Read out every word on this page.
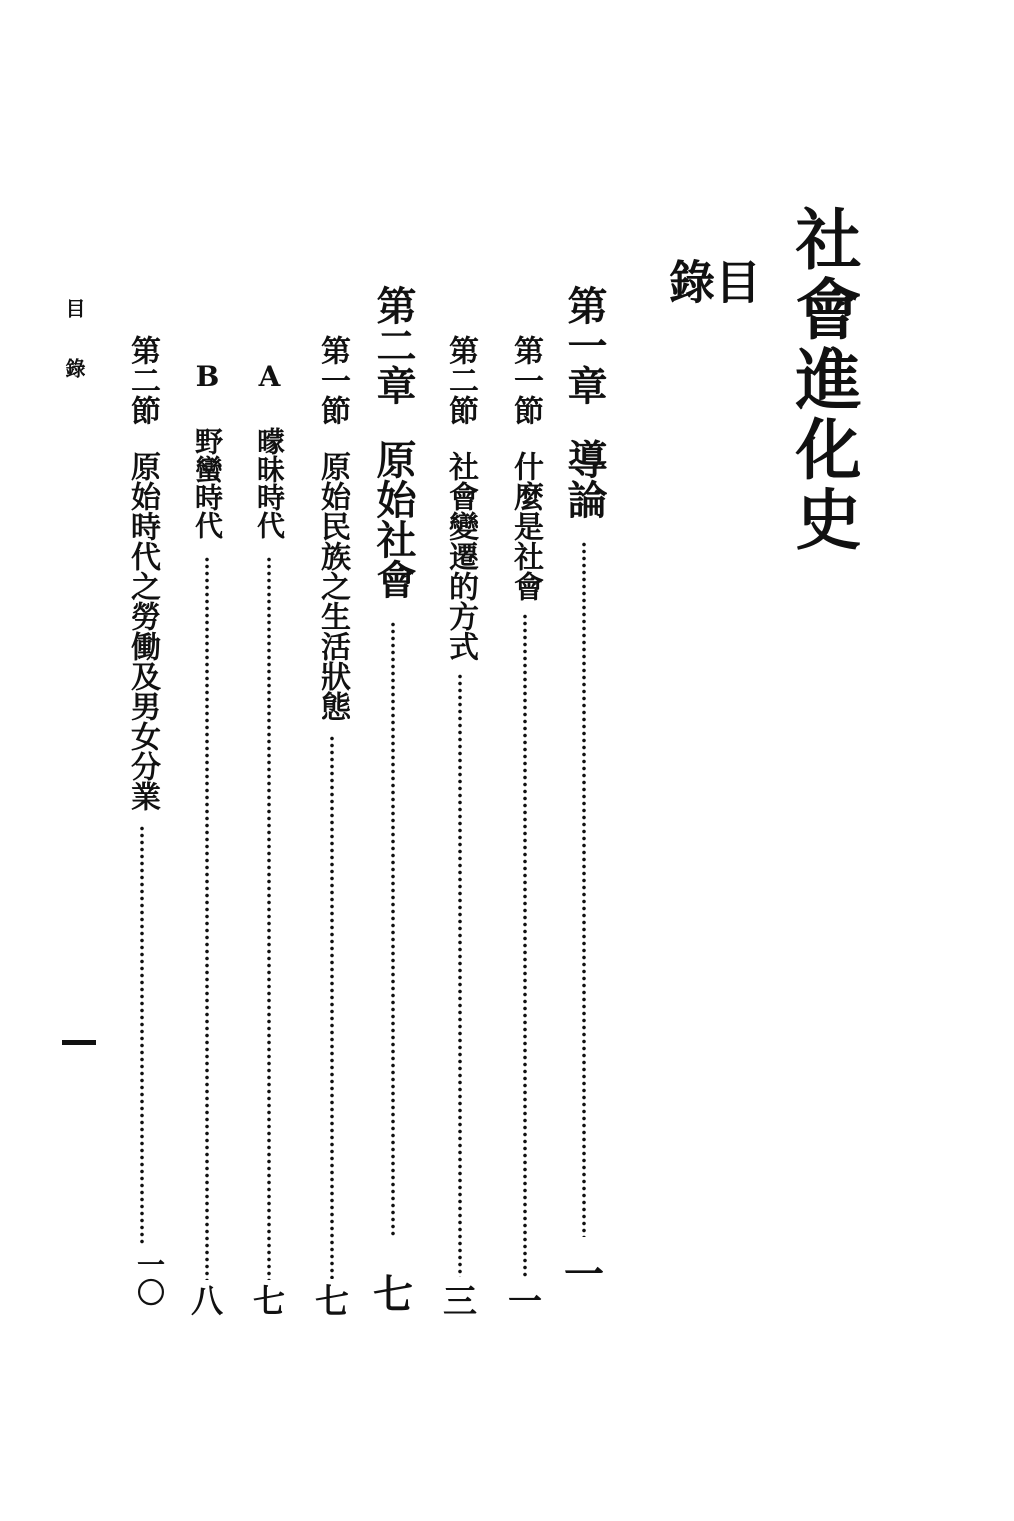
社會進化史
目
錄
第一章導論
一
第一節什麼是社會
一
第二節社會變遷的方式
三
第二章原始社會
七
第一節原始民族之生活狀態
七
A曚昧時代
七
B野蠻時代
八
第二節原始時代之勞働及男女分業
一〇
目錄
